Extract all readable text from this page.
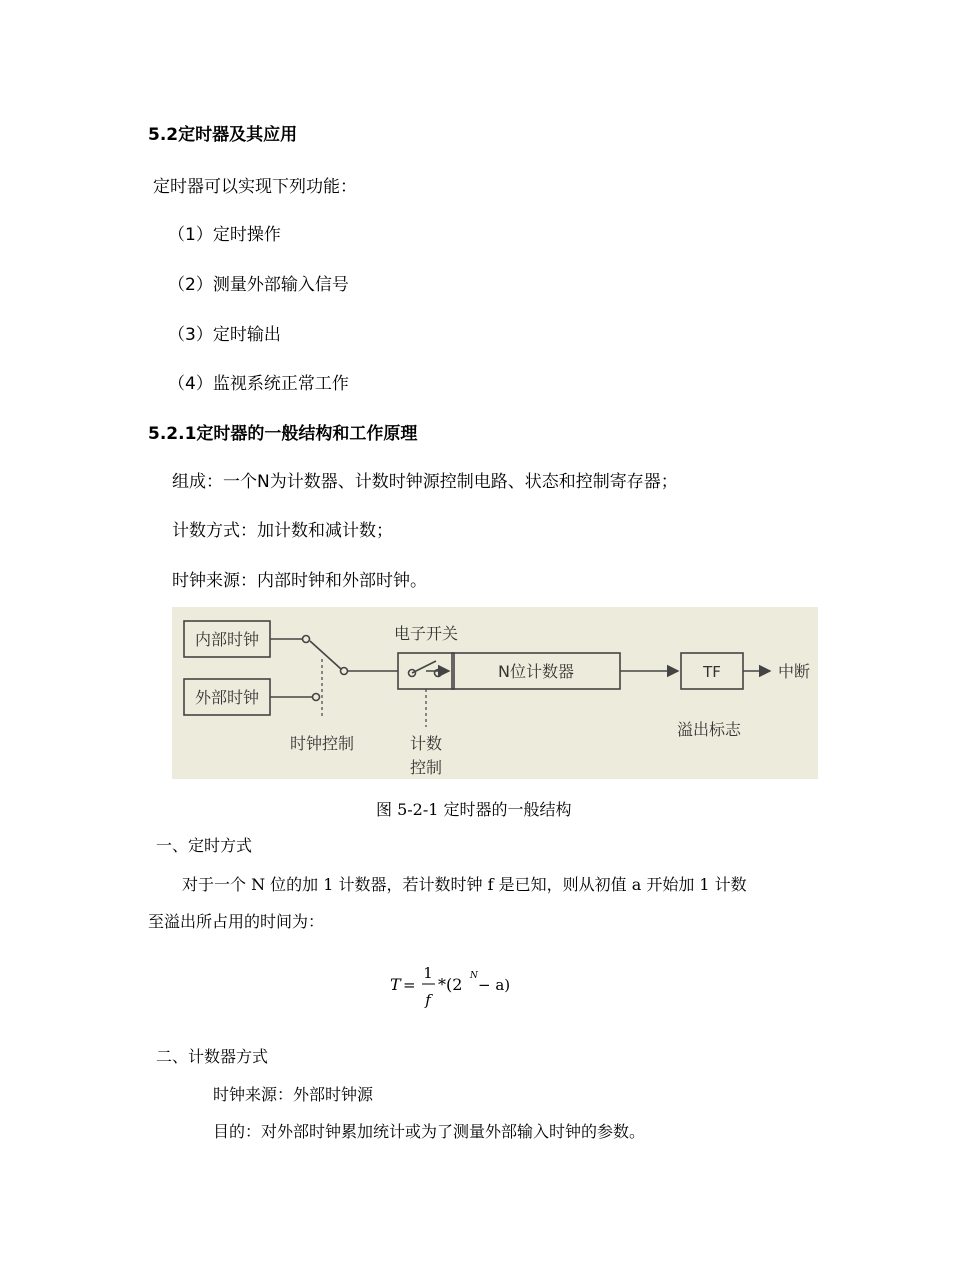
5.2定时器及其应用
定时器可以实现下列功能：
（1）定时操作
（2）测量外部输入信号
（3）定时输出
（4）监视系统正常工作
5.2.1定时器的一般结构和工作原理
组成：一个N为计数器、计数时钟源控制电路、状态和控制寄存器；
计数方式：加计数和减计数；
时钟来源：内部时钟和外部时钟。
内部时钟
外部时钟
电子开关
时钟控制	计数
控制
N位计数器	TF	中断
溢出标志
图 5-2-1 定时器的一般结构
一、定时方式
对于一个 N 位的加 1 计数器，若计数时钟 f 是已知，则从初值 a 开始加 1 计数
至溢出所占用的时间为：
T =
1
f
*(2 N − a)
二、计数器方式
时钟来源：外部时钟源
目的：对外部时钟累加统计或为了测量外部输入时钟的参数。
